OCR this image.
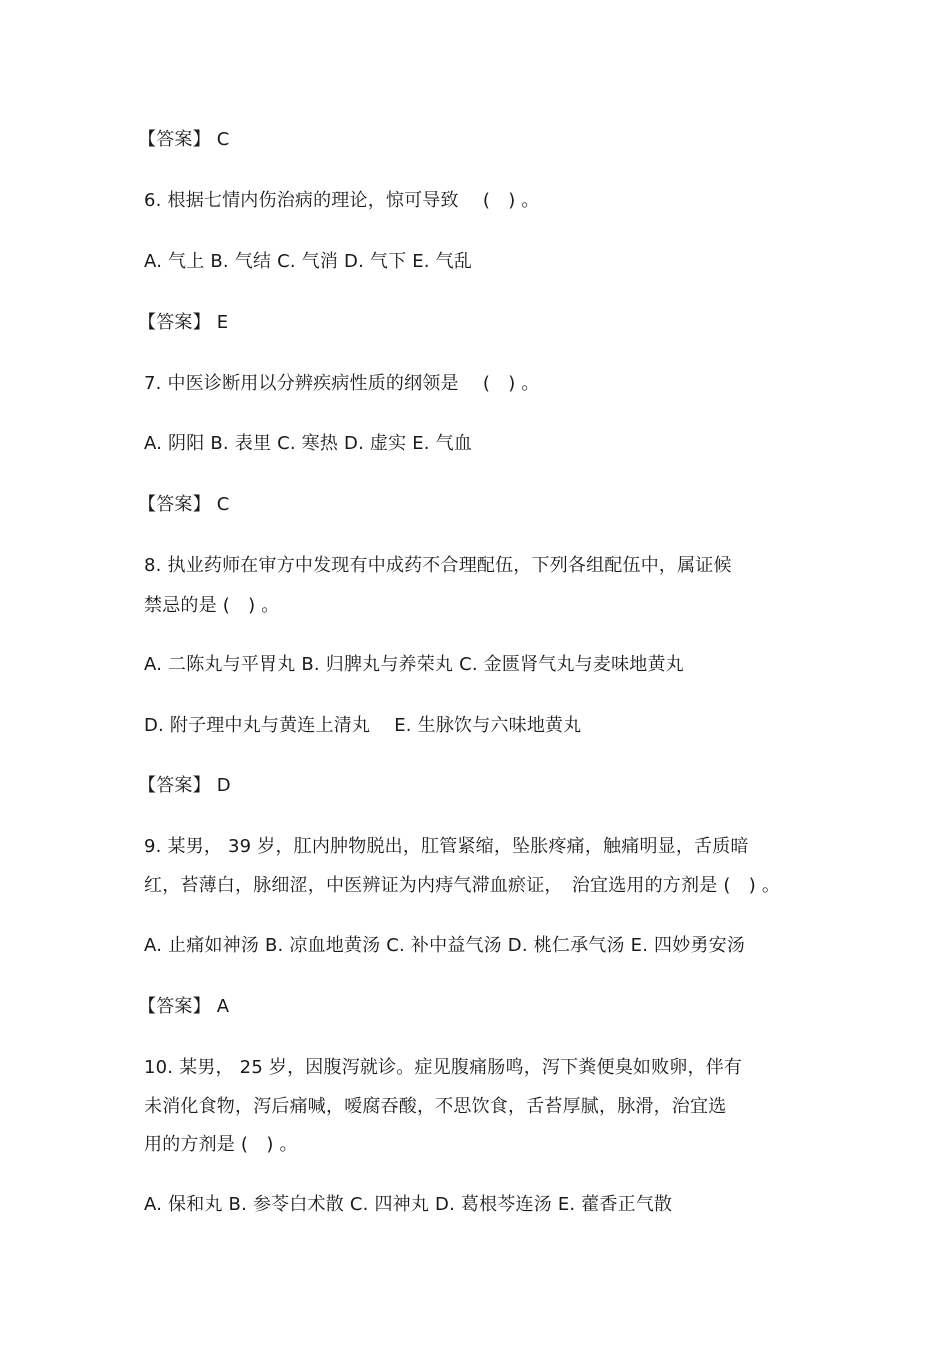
【答案】 C
6. 根据七情内伤治病的理论，惊可导致　 (　) 。
A. 气上 B. 气结 C. 气消 D. 气下 E. 气乱
【答案】 E
7. 中医诊断用以分辨疾病性质的纲领是　 (　) 。
A. 阴阳 B. 表里 C. 寒热 D. 虚实 E. 气血
【答案】 C
8. 执业药师在审方中发现有中成药不合理配伍，下列各组配伍中，属证候
禁忌的是 (　) 。
A. 二陈丸与平胃丸 B. 归脾丸与养荣丸 C. 金匮肾气丸与麦味地黄丸
D. 附子理中丸与黄连上清丸　 E. 生脉饮与六味地黄丸
【答案】 D
9. 某男， 39 岁，肛内肿物脱出，肛管紧缩，坠胀疼痛，触痛明显，舌质暗
红，苔薄白，脉细涩，中医辨证为内痔气滞血瘀证，　治宜选用的方剂是 (　) 。
A. 止痛如神汤 B. 凉血地黄汤 C. 补中益气汤 D. 桃仁承气汤 E. 四妙勇安汤
【答案】 A
10. 某男， 25 岁，因腹泻就诊。症见腹痛肠鸣，泻下粪便臭如败卵，伴有
未消化食物，泻后痛喊，嗳腐吞酸，不思饮食，舌苔厚腻，脉滑，治宜选
用的方剂是 (　) 。
A. 保和丸 B. 参苓白术散 C. 四神丸 D. 葛根芩连汤 E. 藿香正气散
